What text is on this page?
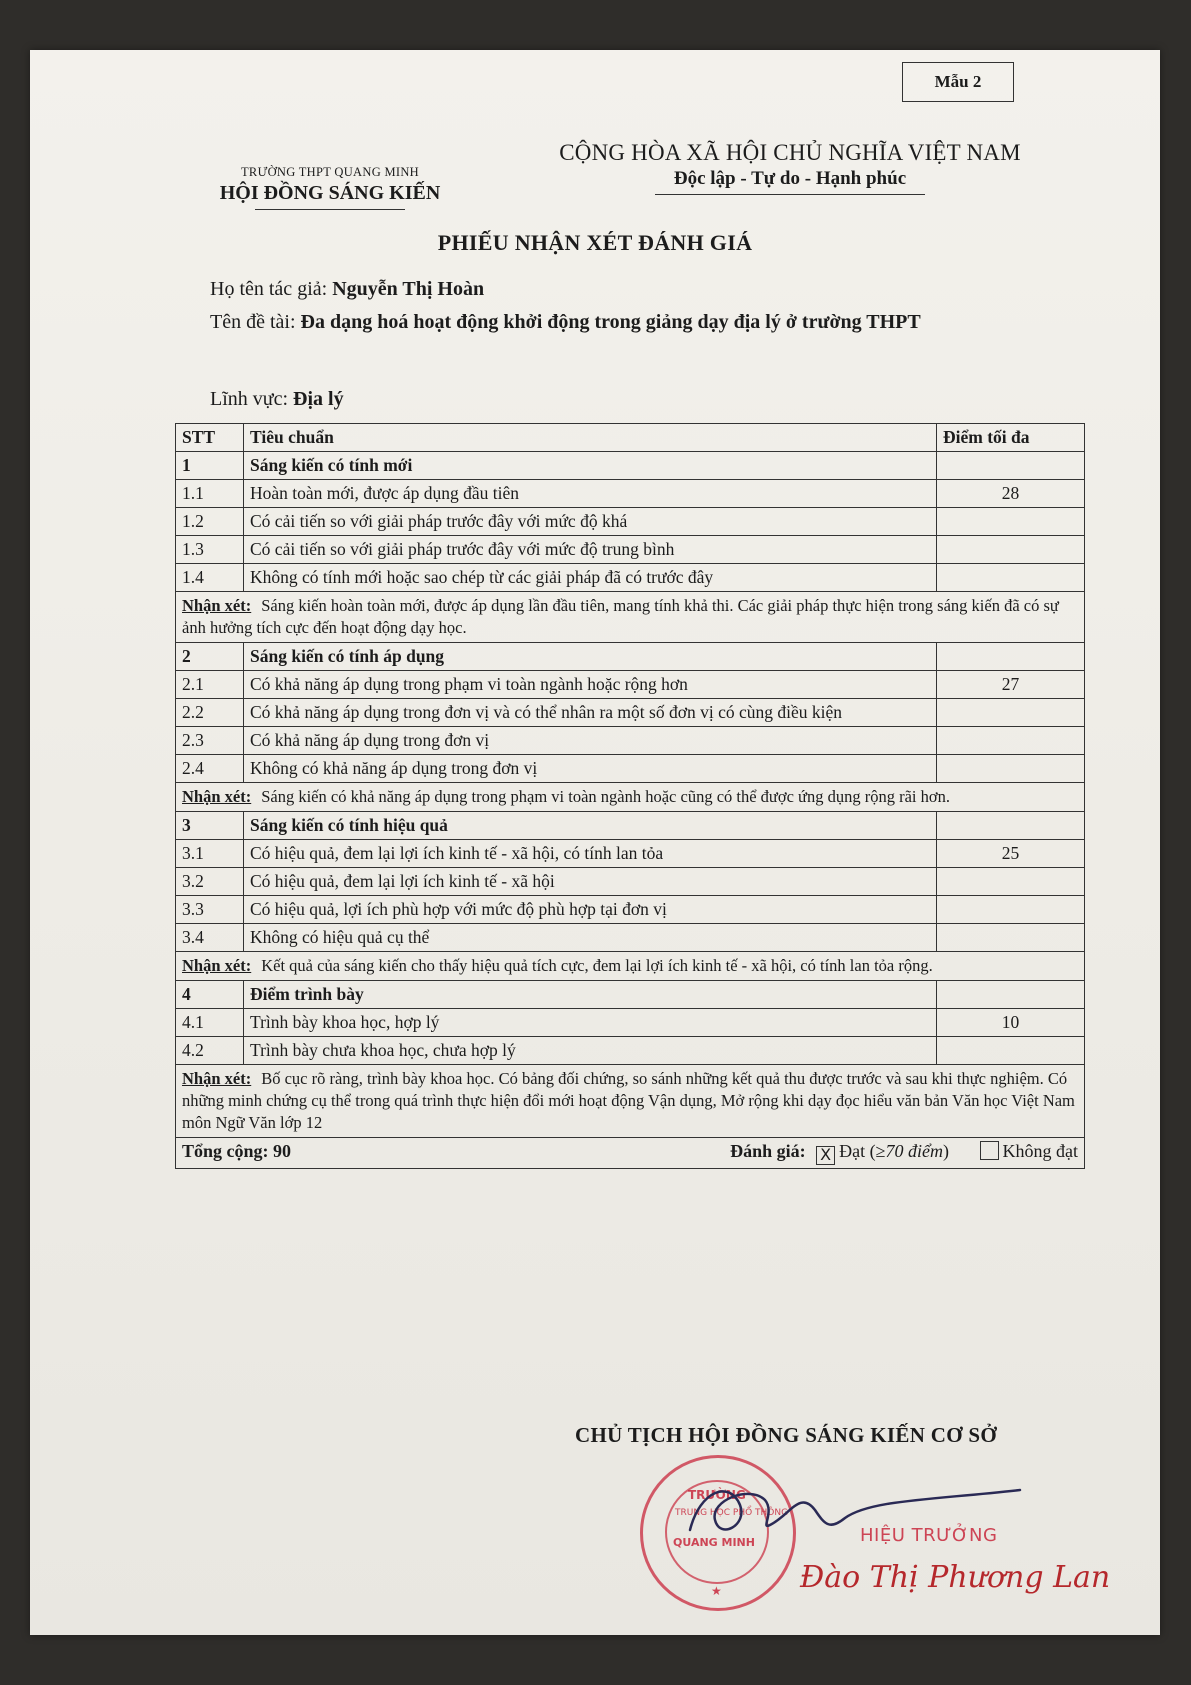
Mẫu 2
TRƯỜNG THPT QUANG MINH
HỘI ĐỒNG SÁNG KIẾN
CỘNG HÒA XÃ HỘI CHỦ NGHĨA VIỆT NAM
Độc lập - Tự do - Hạnh phúc
PHIẾU NHẬN XÉT ĐÁNH GIÁ
Họ tên tác giả: Nguyễn Thị Hoàn
Tên đề tài: Đa dạng hoá hoạt động khởi động trong giảng dạy địa lý ở trường THPT
Lĩnh vực: Địa lý
STT	Tiêu chuẩn	Điểm tối đa
1	Sáng kiến có tính mới	
1.1	Hoàn toàn mới, được áp dụng đầu tiên	28
1.2	Có cải tiến so với giải pháp trước đây với mức độ khá	
1.3	Có cải tiến so với giải pháp trước đây với mức độ trung bình	
1.4	Không có tính mới hoặc sao chép từ các giải pháp đã có trước đây	
Nhận xét: Sáng kiến hoàn toàn mới, được áp dụng lần đầu tiên, mang tính khả thi. Các giải pháp thực hiện trong sáng kiến đã có sự ảnh hưởng tích cực đến hoạt động dạy học.		
2	Sáng kiến có tính áp dụng	
2.1	Có khả năng áp dụng trong phạm vi toàn ngành hoặc rộng hơn	27
2.2	Có khả năng áp dụng trong đơn vị và có thể nhân ra một số đơn vị có cùng điều kiện	
2.3	Có khả năng áp dụng trong đơn vị	
2.4	Không có khả năng áp dụng trong đơn vị	
Nhận xét: Sáng kiến có khả năng áp dụng trong phạm vi toàn ngành hoặc cũng có thể được ứng dụng rộng rãi hơn.		
3	Sáng kiến có tính hiệu quả	
3.1	Có hiệu quả, đem lại lợi ích kinh tế - xã hội, có tính lan tỏa	25
3.2	Có hiệu quả, đem lại lợi ích kinh tế - xã hội	
3.3	Có hiệu quả, lợi ích phù hợp với mức độ phù hợp tại đơn vị	
3.4	Không có hiệu quả cụ thể	
Nhận xét: Kết quả của sáng kiến cho thấy hiệu quả tích cực, đem lại lợi ích kinh tế - xã hội, có tính lan tỏa rộng.		
4	Điểm trình bày	
4.1	Trình bày khoa học, hợp lý	10
4.2	Trình bày chưa khoa học, chưa hợp lý	
Nhận xét: Bố cục rõ ràng, trình bày khoa học. Có bảng đối chứng, so sánh những kết quả thu được trước và sau khi thực nghiệm. Có những minh chứng cụ thể trong quá trình thực hiện đổi mới hoạt động Vận dụng, Mở rộng khi dạy đọc hiểu văn bản Văn học Việt Nam môn Ngữ Văn lớp 12		
Tổng cộng: 90 Đánh giá: X Đạt (≥70 điểm) Không đạt		
CHỦ TỊCH HỘI ĐỒNG SÁNG KIẾN CƠ SỞ
TRƯỜNG
TRUNG HỌC PHỔ THÔNG
QUANG MINH
★
HIỆU TRƯỞNG
Đào Thị Phương Lan
